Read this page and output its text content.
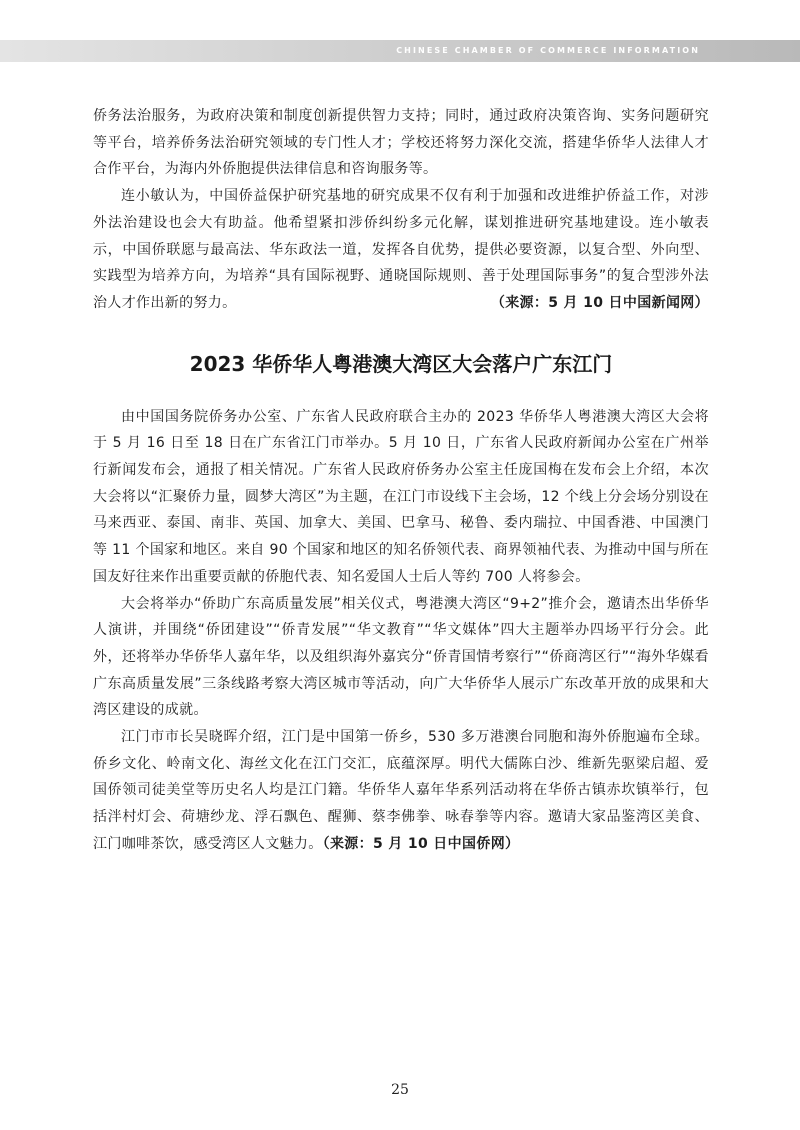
CHINESE CHAMBER OF COMMERCE INFORMATION

侨务法治服务，为政府决策和制度创新提供智力支持；同时，通过政府决策咨询、实务问题研究等平台，培养侨务法治研究领域的专门性人才；学校还将努力深化交流，搭建华侨华人法律人才合作平台，为海内外侨胞提供法律信息和咨询服务等。

连小敏认为，中国侨益保护研究基地的研究成果不仅有利于加强和改进维护侨益工作，对涉外法治建设也会大有助益。他希望紧扣涉侨纠纷多元化解，谋划推进研究基地建设。连小敏表示，中国侨联愿与最高法、华东政法一道，发挥各自优势，提供必要资源，以复合型、外向型、实践型为培养方向，为培养“具有国际视野、通晓国际规则、善于处理国际事务”的复合型涉外法治人才作出新的努力。	（来源：5 月 10 日中国新闻网）

2023 华侨华人粤港澳大湾区大会落户广东江门

由中国国务院侨务办公室、广东省人民政府联合主办的 2023 华侨华人粤港澳大湾区大会将于 5 月 16 日至 18 日在广东省江门市举办。5 月 10 日，广东省人民政府新闻办公室在广州举行新闻发布会，通报了相关情况。广东省人民政府侨务办公室主任庞国梅在发布会上介绍，本次大会将以“汇聚侨力量，圆梦大湾区”为主题，在江门市设线下主会场，12 个线上分会场分别设在马来西亚、泰国、南非、英国、加拿大、美国、巴拿马、秘鲁、委内瑞拉、中国香港、中国澳门等 11 个国家和地区。来自 90 个国家和地区的知名侨领代表、商界领袖代表、为推动中国与所在国友好往来作出重要贡献的侨胞代表、知名爱国人士后人等约 700 人将参会。

大会将举办“侨助广东高质量发展”相关仪式，粤港澳大湾区“9+2”推介会，邀请杰出华侨华人演讲，并围绕“侨团建设”“侨青发展”“华文教育”“华文媒体”四大主题举办四场平行分会。此外，还将举办华侨华人嘉年华，以及组织海外嘉宾分“侨青国情考察行”“侨商湾区行”“海外华媒看广东高质量发展”三条线路考察大湾区城市等活动，向广大华侨华人展示广东改革开放的成果和大湾区建设的成就。

江门市市长吴晓晖介绍，江门是中国第一侨乡，530 多万港澳台同胞和海外侨胞遍布全球。侨乡文化、岭南文化、海丝文化在江门交汇，底蕴深厚。明代大儒陈白沙、维新先驱梁启超、爱国侨领司徒美堂等历史名人均是江门籍。华侨华人嘉年华系列活动将在华侨古镇赤坎镇举行，包括泮村灯会、荷塘纱龙、浮石飘色、醒狮、蔡李佛拳、咏春拳等内容。邀请大家品鉴湾区美食、江门咖啡茶饮，感受湾区人文魅力。（来源：5 月 10 日中国侨网）

25
